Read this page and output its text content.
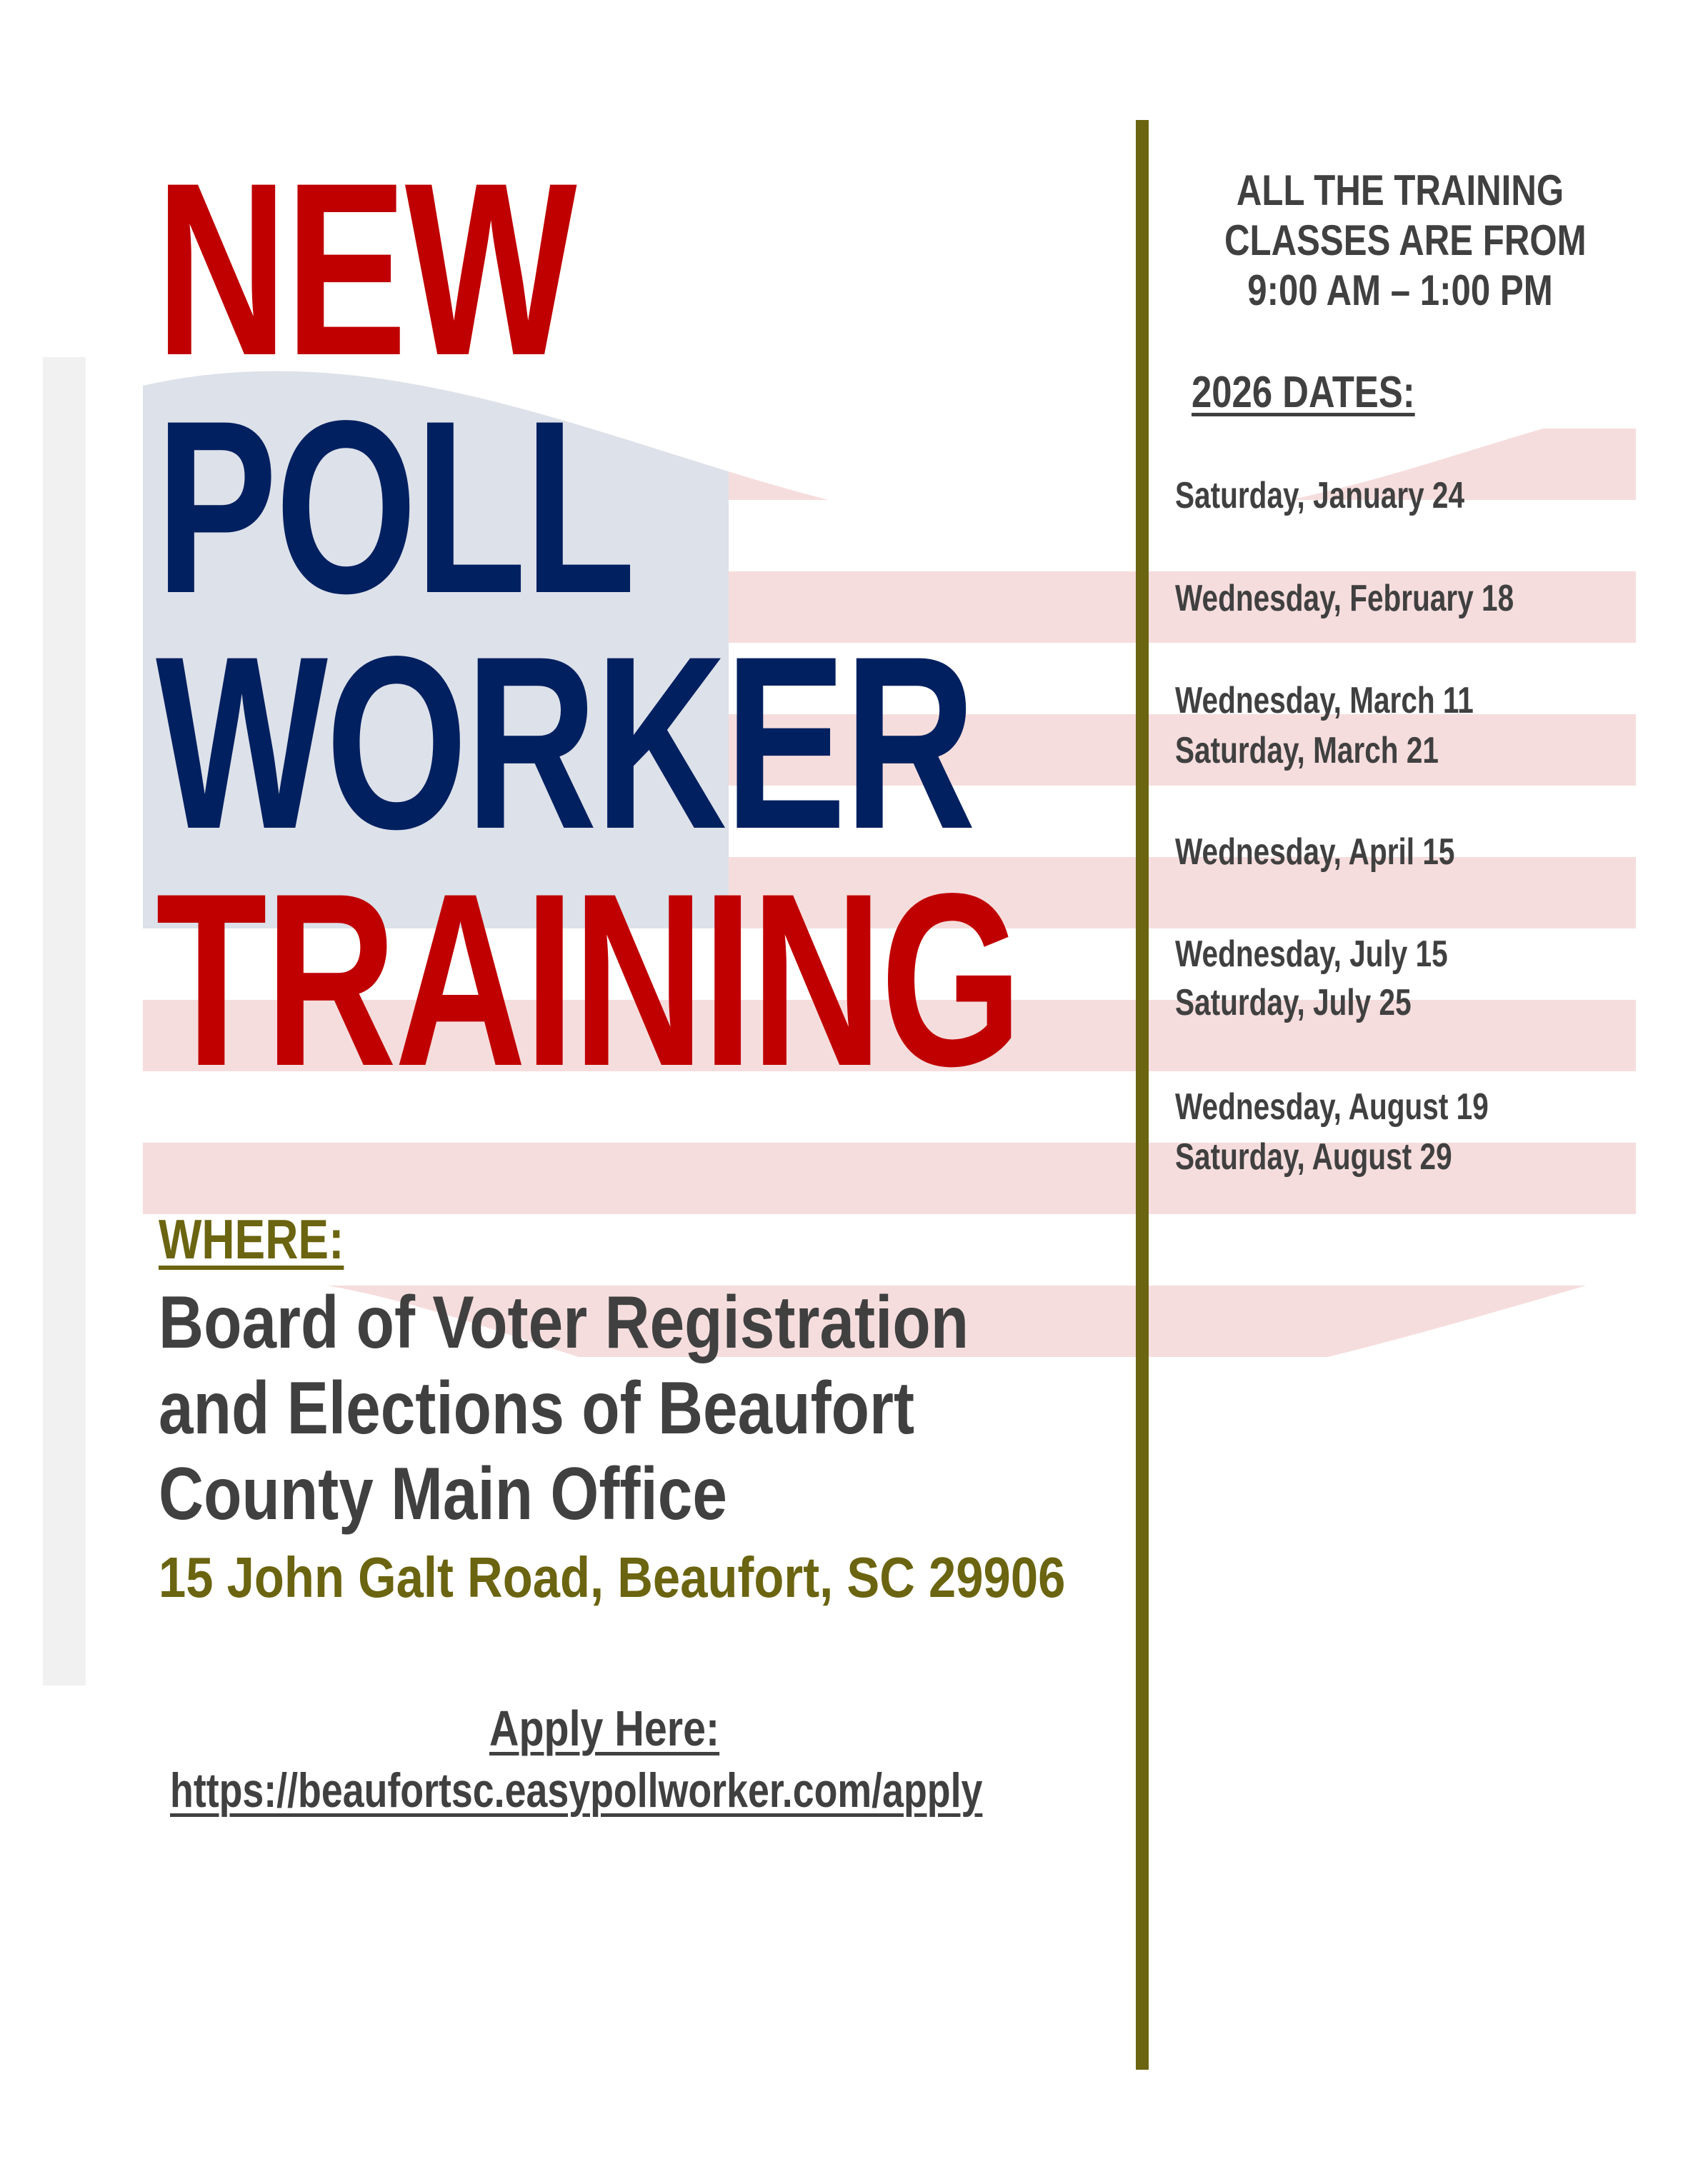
NEW
POLL
WORKER
TRAINING
WHERE:
Board of Voter Registration
and Elections of Beaufort
County Main Office
15 John Galt Road, Beaufort, SC 29906
Apply Here:
https://beaufortsc.easypollworker.com/apply
ALL THE TRAINING
CLASSES ARE FROM
9:00 AM – 1:00 PM
2026 DATES:
Saturday, January 24
Wednesday, February 18
Wednesday, March 11
Saturday, March 21
Wednesday, April 15
Wednesday, July 15
Saturday, July 25
Wednesday, August 19
Saturday, August 29
